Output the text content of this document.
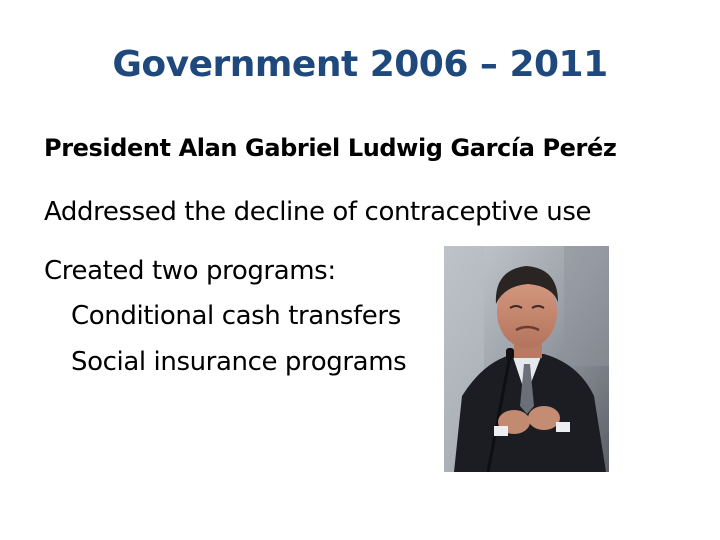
Government 2006 – 2011
President Alan Gabriel Ludwig García Peréz
Addressed the decline of contraceptive use
Created two programs:
Conditional cash transfers
Social insurance programs
